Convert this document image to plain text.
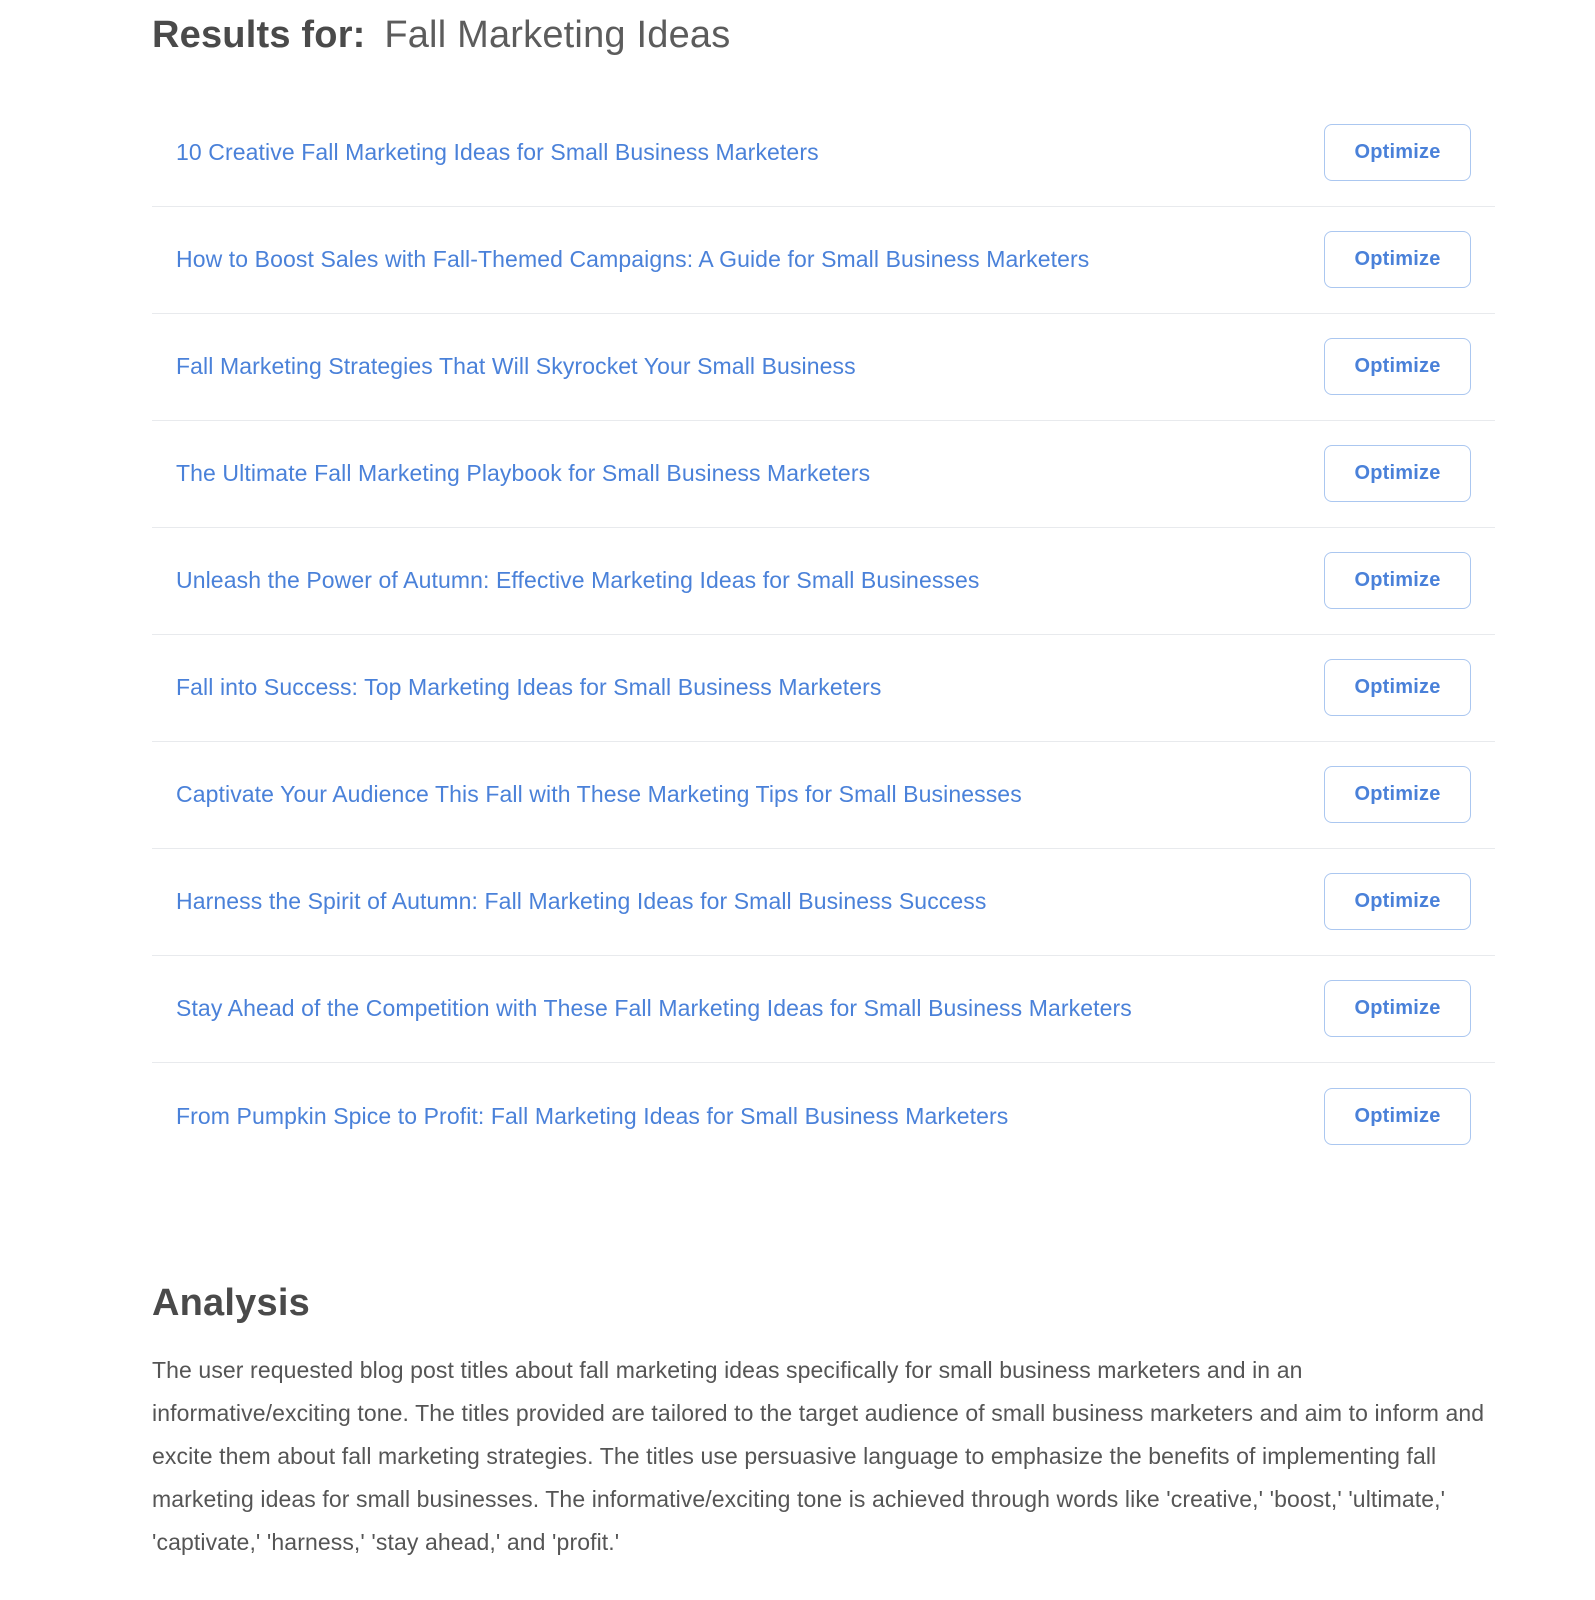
Results for: Fall Marketing Ideas
10 Creative Fall Marketing Ideas for Small Business Marketers	Optimize
How to Boost Sales with Fall-Themed Campaigns: A Guide for Small Business Marketers	Optimize
Fall Marketing Strategies That Will Skyrocket Your Small Business	Optimize
The Ultimate Fall Marketing Playbook for Small Business Marketers	Optimize
Unleash the Power of Autumn: Effective Marketing Ideas for Small Businesses	Optimize
Fall into Success: Top Marketing Ideas for Small Business Marketers	Optimize
Captivate Your Audience This Fall with These Marketing Tips for Small Businesses	Optimize
Harness the Spirit of Autumn: Fall Marketing Ideas for Small Business Success	Optimize
Stay Ahead of the Competition with These Fall Marketing Ideas for Small Business Marketers	Optimize
From Pumpkin Spice to Profit: Fall Marketing Ideas for Small Business Marketers	Optimize
Analysis

The user requested blog post titles about fall marketing ideas specifically for small business marketers and in an informative/exciting tone. The titles provided are tailored to the target audience of small business marketers and aim to inform and excite them about fall marketing strategies. The titles use persuasive language to emphasize the benefits of implementing fall marketing ideas for small businesses. The informative/exciting tone is achieved through words like 'creative,' 'boost,' 'ultimate,' 'captivate,' 'harness,' 'stay ahead,' and 'profit.'
